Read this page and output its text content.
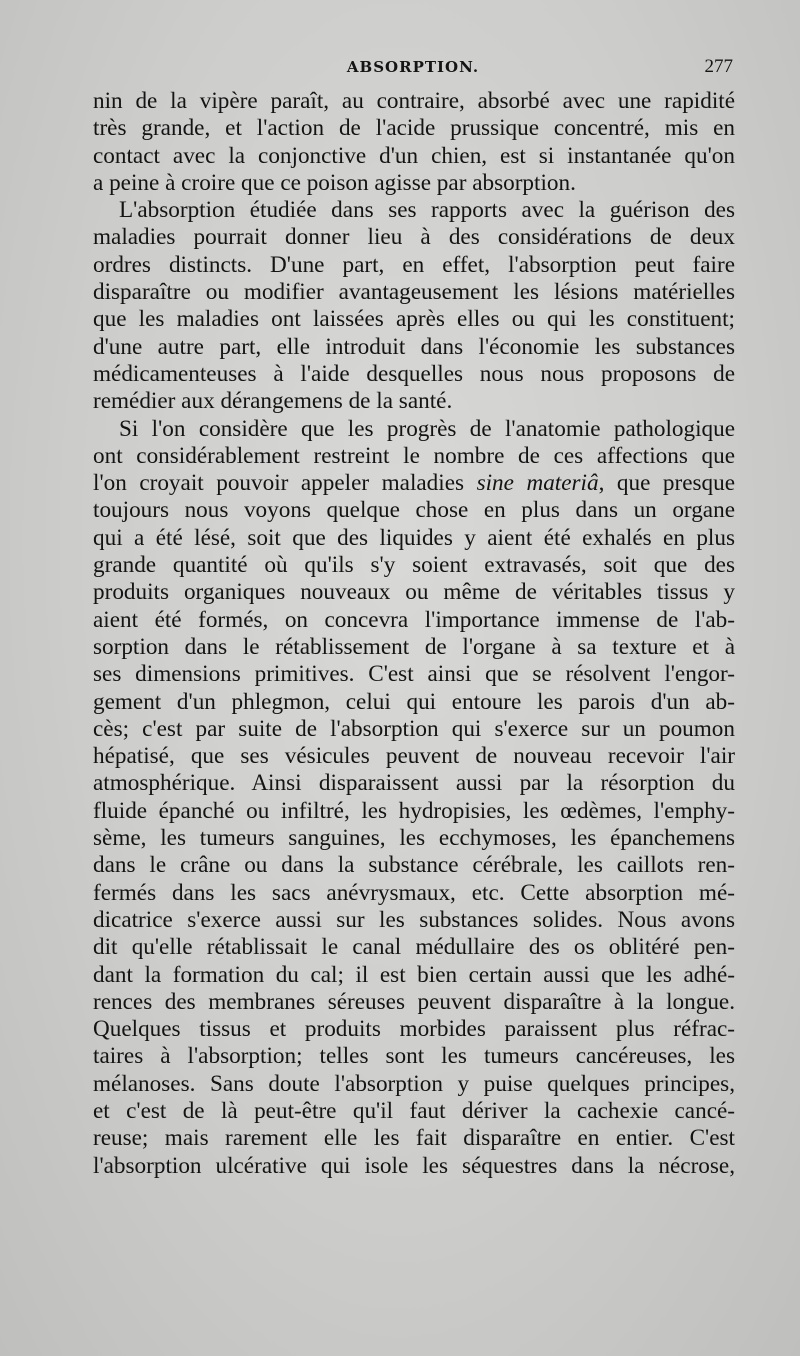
ABSORPTION.	277
nin de la vipère paraît, au contraire, absorbé avec une rapidité
très grande, et l'action de l'acide prussique concentré, mis en
contact avec la conjonctive d'un chien, est si instantanée qu'on
a peine à croire que ce poison agisse par absorption.
L'absorption étudiée dans ses rapports avec la guérison des
maladies pourrait donner lieu à des considérations de deux
ordres distincts. D'une part, en effet, l'absorption peut faire
disparaître ou modifier avantageusement les lésions matérielles
que les maladies ont laissées après elles ou qui les constituent;
d'une autre part, elle introduit dans l'économie les substances
médicamenteuses à l'aide desquelles nous nous proposons de
remédier aux dérangemens de la santé.
Si l'on considère que les progrès de l'anatomie pathologique
ont considérablement restreint le nombre de ces affections que
l'on croyait pouvoir appeler maladies sine materiâ, que presque
toujours nous voyons quelque chose en plus dans un organe
qui a été lésé, soit que des liquides y aient été exhalés en plus
grande quantité où qu'ils s'y soient extravasés, soit que des
produits organiques nouveaux ou même de véritables tissus y
aient été formés, on concevra l'importance immense de l'ab-
sorption dans le rétablissement de l'organe à sa texture et à
ses dimensions primitives. C'est ainsi que se résolvent l'engor-
gement d'un phlegmon, celui qui entoure les parois d'un ab-
cès; c'est par suite de l'absorption qui s'exerce sur un poumon
hépatisé, que ses vésicules peuvent de nouveau recevoir l'air
atmosphérique. Ainsi disparaissent aussi par la résorption du
fluide épanché ou infiltré, les hydropisies, les œdèmes, l'emphy-
sème, les tumeurs sanguines, les ecchymoses, les épanchemens
dans le crâne ou dans la substance cérébrale, les caillots ren-
fermés dans les sacs anévrysmaux, etc. Cette absorption mé-
dicatrice s'exerce aussi sur les substances solides. Nous avons
dit qu'elle rétablissait le canal médullaire des os oblitéré pen-
dant la formation du cal; il est bien certain aussi que les adhé-
rences des membranes séreuses peuvent disparaître à la longue.
Quelques tissus et produits morbides paraissent plus réfrac-
taires à l'absorption; telles sont les tumeurs cancéreuses, les
mélanoses. Sans doute l'absorption y puise quelques principes,
et c'est de là peut-être qu'il faut dériver la cachexie cancé-
reuse; mais rarement elle les fait disparaître en entier. C'est
l'absorption ulcérative qui isole les séquestres dans la nécrose,
